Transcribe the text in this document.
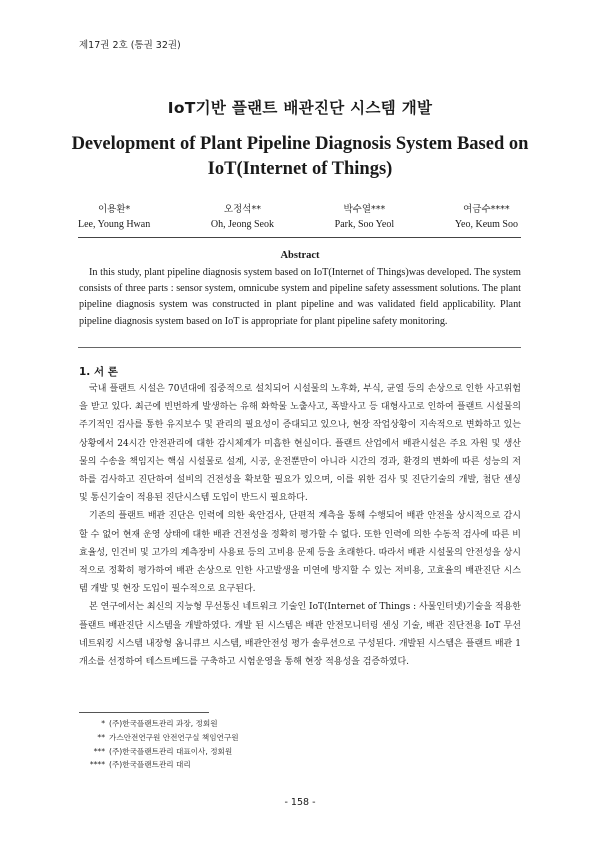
제17권 2호 (통권 32권)
IoT기반 플랜트 배관진단 시스템 개발
Development of Plant Pipeline Diagnosis System Based on IoT(Internet of Things)
이용환*
Lee, Young Hwan
오정석**
Oh, Jeong Seok
박수열***
Park, Soo Yeol
여금수****
Yeo, Keum Soo
Abstract
In this study, plant pipeline diagnosis system based on IoT(Internet of Things)was developed. The system consists of three parts : sensor system, omnicube system and pipeline safety assessment solutions. The plant pipeline diagnosis system was constructed in plant pipeline and was validated field applicability. Plant pipeline diagnosis system based on IoT is appropriate for plant pipeline safety monitoring.
1. 서 론

국내 플랜트 시설은 70년대에 집중적으로 설치되어 시설물의 노후화, 부식, 균열 등의 손상으로 인한 사고위험을 받고 있다. 최근에 빈번하게 발생하는 유해 화학물 노출사고, 폭발사고 등 대형사고로 인하여 플랜트 시설물의 주기적인 검사를 통한 유지보수 및 관리의 필요성이 증대되고 있으나, 현장 작업상황이 지속적으로 변화하고 있는 상황에서 24시간 안전관리에 대한 감시체계가 미흡한 현실이다. 플랜트 산업에서 배관시설은 주요 자원 및 생산물의 수송을 책임지는 핵심 시설물로 설계, 시공, 운전뿐만이 아니라 시간의 경과, 환경의 변화에 따른 성능의 저하를 검사하고 진단하여 설비의 건전성을 확보할 필요가 있으며, 이를 위한 검사 및 진단기술의 개발, 첨단 센싱 및 통신기술이 적용된 진단시스템 도입이 반드시 필요하다.

기존의 플랜트 배관 진단은 인력에 의한 육안검사, 단편적 계측을 통해 수행되어 배관 안전을 상시적으로 감시할 수 없어 현재 운영 상태에 대한 배관 건전성을 정확히 평가할 수 없다. 또한 인력에 의한 수동적 검사에 따른 비효율성, 인건비 및 고가의 계측장비 사용료 등의 고비용 문제 등을 초래한다. 따라서 배관 시설물의 안전성을 상시적으로 정확히 평가하여 배관 손상으로 인한 사고발생을 미연에 방지할 수 있는 저비용, 고효율의 배관진단 시스템 개발 및 현장 도입이 필수적으로 요구된다.

본 연구에서는 최신의 지능형 무선통신 네트워크 기술인 IoT(Internet of Things : 사물인터넷)기술을 적용한 플랜트 배관진단 시스템을 개발하였다. 개발 된 시스템은 배관 안전모니터링 센싱 기술, 배관 진단전용 IoT 무선 네트워킹 시스템 내장형 옴니큐브 시스템, 배관안전성 평가 솔루션으로 구성된다. 개발된 시스템은 플랜트 배관 1개소를 선정하여 테스트베드를 구축하고 시험운영을 통해 현장 적용성을 검증하였다.

* (주)한국플랜트관리 과장, 정회원
** 가스안전연구원 안전연구실 책임연구원
*** (주)한국플랜트관리 대표이사, 정회원
**** (주)한국플랜트관리 대리
- 158 -
